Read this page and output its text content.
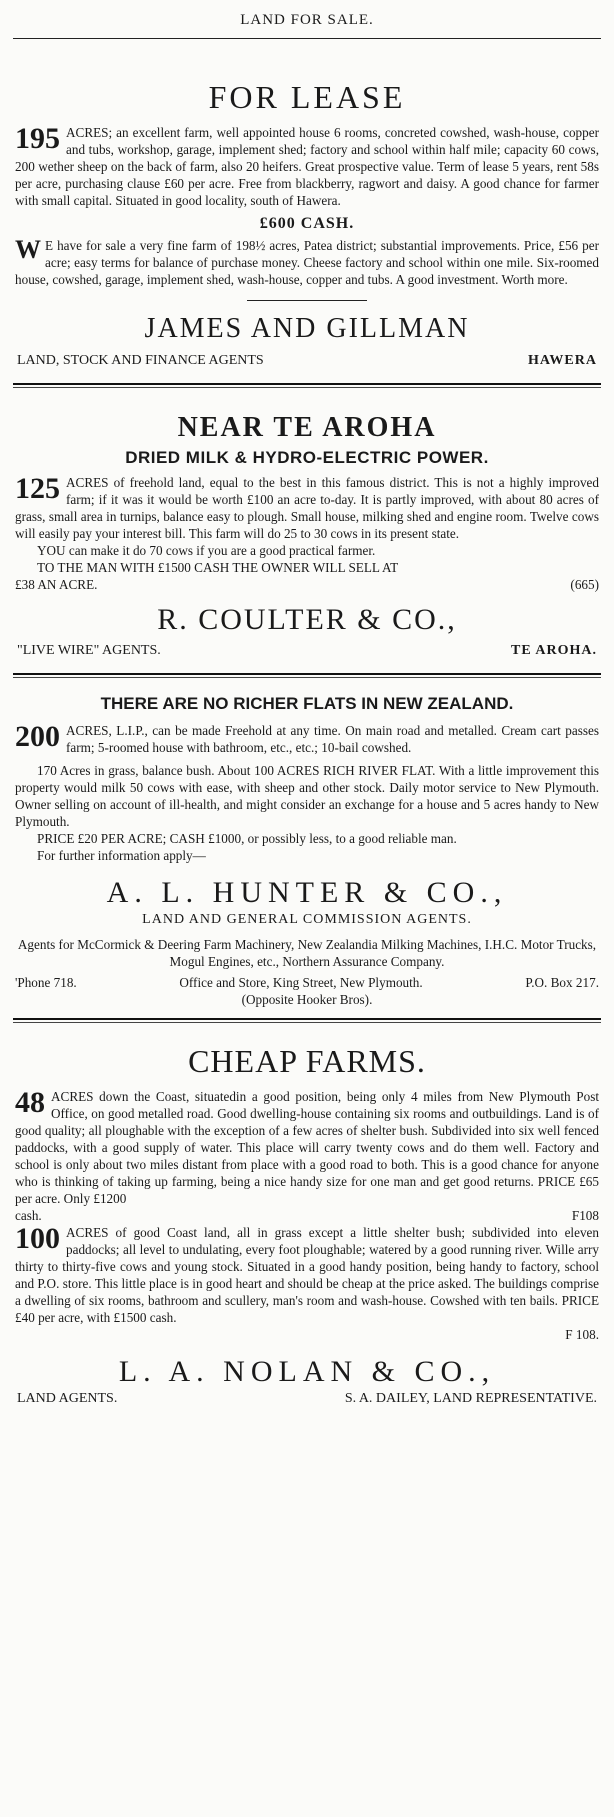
LAND FOR SALE.
FOR LEASE

195 ACRES; an excellent farm, well appointed house 6 rooms, concreted cowshed, wash-house, copper and tubs, workshop, garage, implement shed; factory and school within half mile; capacity 60 cows, 200 wether sheep on the back of farm, also 20 heifers. Great prospective value. Term of lease 5 years, rent 58s per acre, purchasing clause £60 per acre. Free from blackberry, ragwort and daisy. A good chance for farmer with small capital. Situated in good locality, south of Hawera.

£600 CASH.

W E have for sale a very fine farm of 198½ acres, Patea district; substantial improvements. Price, £56 per acre; easy terms for balance of purchase money. Cheese factory and school within one mile. Six-roomed house, cowshed, garage, implement shed, wash-house, copper and tubs. A good investment. Worth more.

JAMES AND GILLMAN
LAND, STOCK AND FINANCE AGENTS	HAWERA
NEAR TE AROHA
DRIED MILK & HYDRO-ELECTRIC POWER.

125 ACRES of freehold land, equal to the best in this famous district. This is not a highly improved farm; if it was it would be worth £100 an acre to-day. It is partly improved, with about 80 acres of grass, small area in turnips, balance easy to plough. Small house, milking shed and engine room. Twelve cows will easily pay your interest bill. This farm will do 25 to 30 cows in its present state.

YOU can make it do 70 cows if you are a good practical farmer.

TO THE MAN WITH £1500 CASH THE OWNER WILL SELL AT

£38 AN ACRE.	(665)
R. COULTER & CO.,
"LIVE WIRE" AGENTS.	TE AROHA.
THERE ARE NO RICHER FLATS IN NEW ZEALAND.

200 ACRES, L.I.P., can be made Freehold at any time. On main road and metalled. Cream cart passes farm; 5-roomed house with bathroom, etc., etc.; 10-bail cowshed.

170 Acres in grass, balance bush. About 100 ACRES RICH RIVER FLAT. With a little improvement this property would milk 50 cows with ease, with sheep and other stock. Daily motor service to New Plymouth. Owner selling on account of ill-health, and might consider an exchange for a house and 5 acres handy to New Plymouth.

PRICE £20 PER ACRE; CASH £1000, or possibly less, to a good reliable man.

For further information apply—

A. L. HUNTER & CO.,
LAND AND GENERAL COMMISSION AGENTS.

Agents for McCormick & Deering Farm Machinery, New Zealandia Milking Machines, I.H.C. Motor Trucks, Mogul Engines, etc., Northern Assurance Company.

'Phone 718.	Office and Store, King Street, New Plymouth.	P.O. Box 217.
(Opposite Hooker Bros).
CHEAP FARMS.

48 ACRES down the Coast, situatedin a good position, being only 4 miles from New Plymouth Post Office, on good metalled road. Good dwelling-house containing six rooms and outbuildings. Land is of good quality; all ploughable with the exception of a few acres of shelter bush. Subdivided into six well fenced paddocks, with a good supply of water. This place will carry twenty cows and do them well. Factory and school is only about two miles distant from place with a good road to both. This is a good chance for anyone who is thinking of taking up farming, being a nice handy size for one man and get good returns. PRICE £65 per acre. Only £1200

cash.	F108

100 ACRES of good Coast land, all in grass except a little shelter bush; subdivided into eleven paddocks; all level to undulating, every foot ploughable; watered by a good running river. Wille arry thirty to thirty-five cows and young stock. Situated in a good handy position, being handy to factory, school and P.O. store. This little place is in good heart and should be cheap at the price asked. The buildings comprise a dwelling of six rooms, bathroom and scullery, man's room and wash-house. Cowshed with ten bails. PRICE £40 per acre, with £1500 cash.

F 108.
L. A. NOLAN & CO.,
LAND AGENTS.	S. A. DAILEY, LAND REPRESENTATIVE.
